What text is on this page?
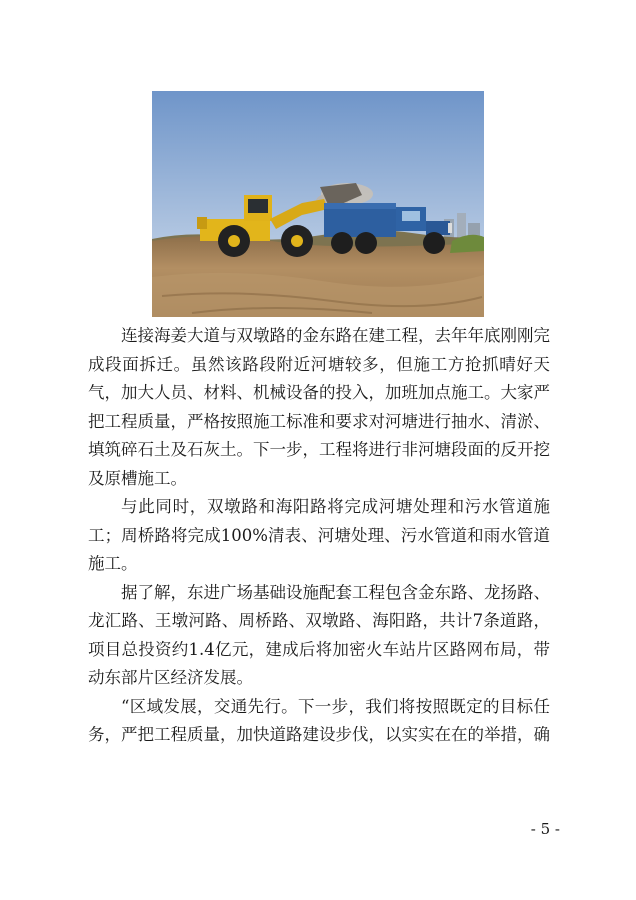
连接海姜大道与双墩路的金东路在建工程，去年年底刚刚完成段面拆迁。虽然该路段附近河塘较多，但施工方抢抓晴好天气，加大人员、材料、机械设备的投入，加班加点施工。大家严把工程质量，严格按照施工标准和要求对河塘进行抽水、清淤、填筑碎石土及石灰土。下一步，工程将进行非河塘段面的反开挖及原槽施工。

与此同时，双墩路和海阳路将完成河塘处理和污水管道施工；周桥路将完成100%清表、河塘处理、污水管道和雨水管道施工。

据了解，东进广场基础设施配套工程包含金东路、龙扬路、龙汇路、王墩河路、周桥路、双墩路、海阳路，共计7条道路，项目总投资约1.4亿元，建成后将加密火车站片区路网布局，带动东部片区经济发展。

“区域发展，交通先行。下一步，我们将按照既定的目标任务，严把工程质量，加快道路建设步伐，以实实在在的举措，确

- 5 -
